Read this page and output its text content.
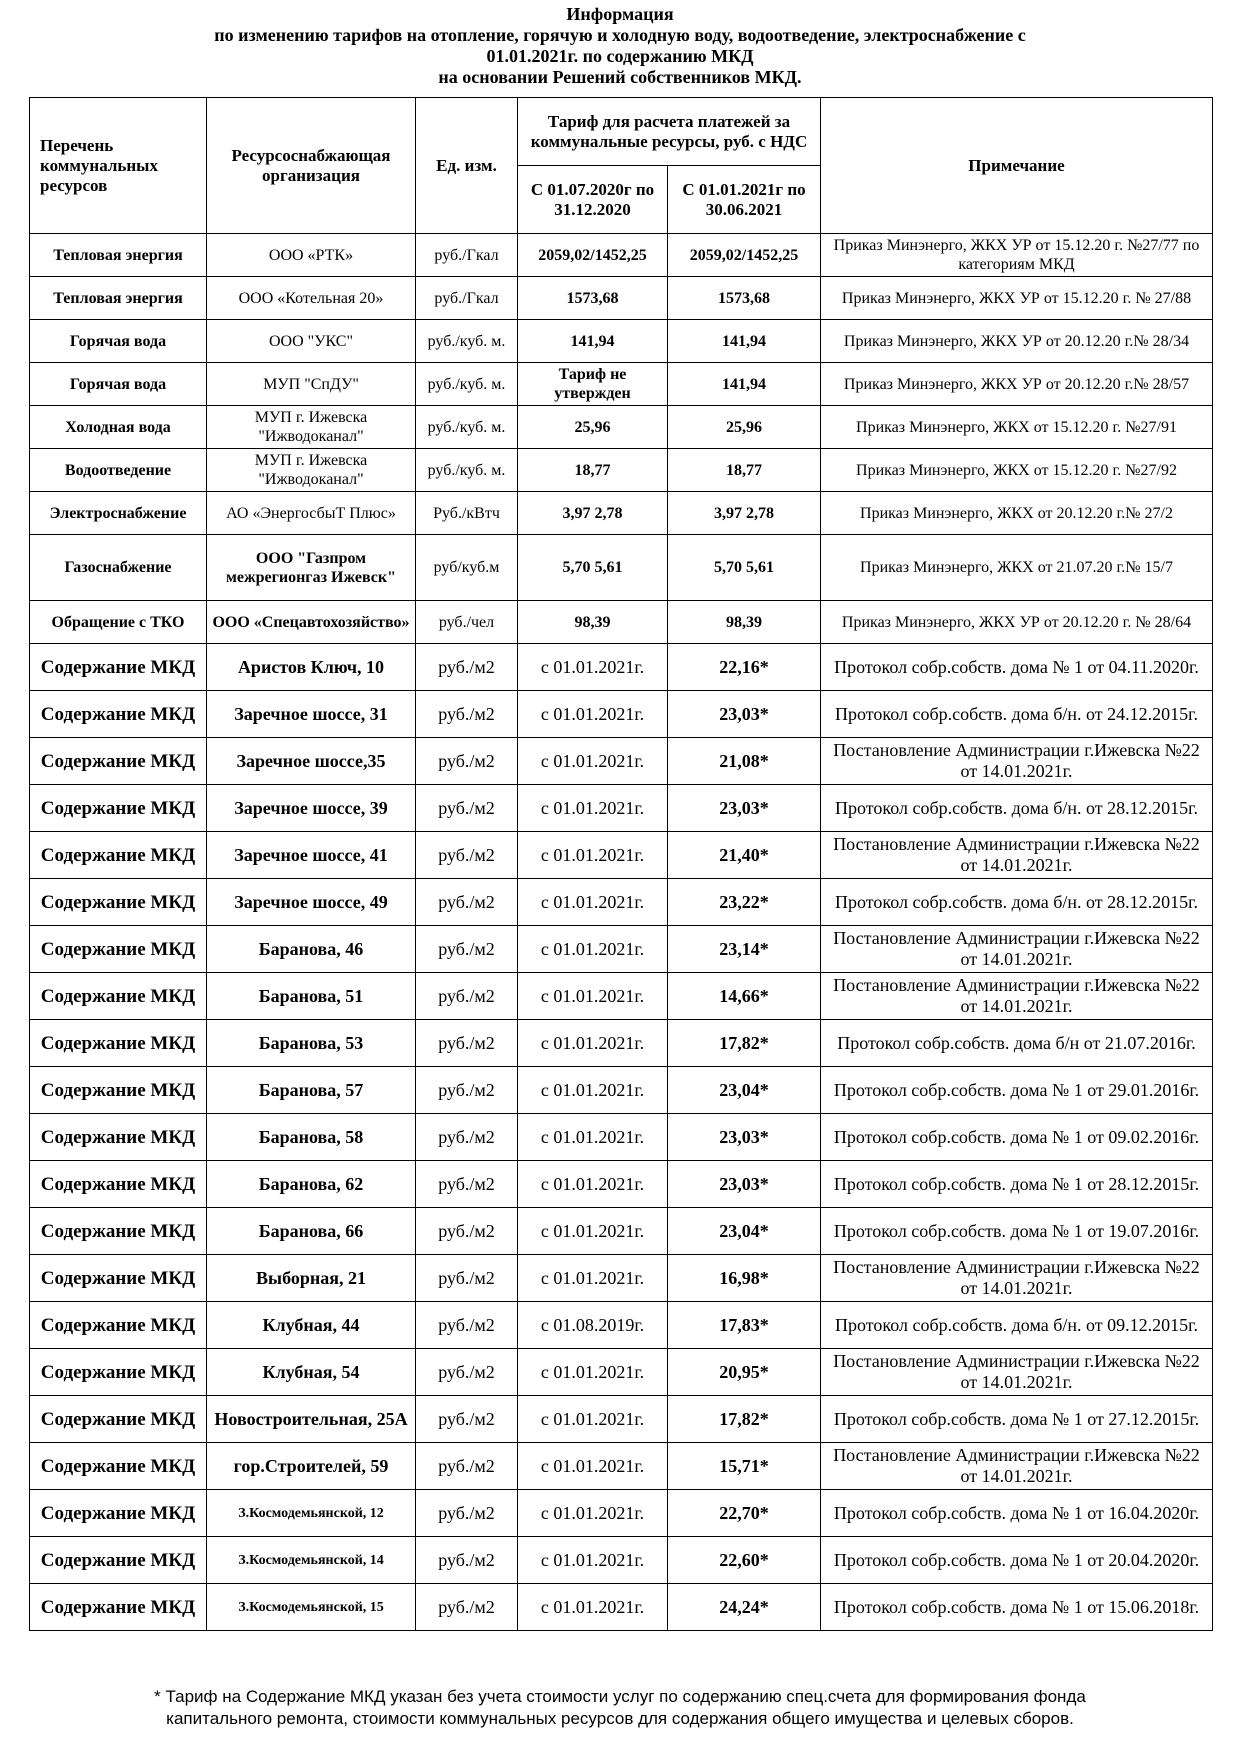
Информация
по изменению тарифов на отопление, горячую и холодную воду, водоотведение, электроснабжение с
01.01.2021г. по содержанию МКД
на основании Решений собственников МКД.
Перечень коммунальных ресурсов	Ресурсоснабжающая организация	Ед. изм.	Тариф для расчета платежей за коммунальные ресурсы, руб. с НДС		Примечание
			С 01.07.2020г по 31.12.2020	С 01.01.2021г по 30.06.2021	
Тепловая энергия	ООО «РТК»	руб./Гкал	2059,02/1452,25	2059,02/1452,25	Приказ Минэнерго, ЖКХ УР от 15.12.20 г. №27/77 по категориям МКД
Тепловая энергия	ООО «Котельная 20»	руб./Гкал	1573,68	1573,68	Приказ Минэнерго, ЖКХ УР от 15.12.20 г. № 27/88
Горячая вода	ООО "УКС"	руб./куб. м.	141,94	141,94	Приказ Минэнерго, ЖКХ УР от 20.12.20 г.№ 28/34
Горячая вода	МУП "СпДУ"	руб./куб. м.	Тариф не утвержден	141,94	Приказ Минэнерго, ЖКХ УР от 20.12.20 г.№ 28/57
Холодная вода	МУП г. Ижевска "Ижводоканал"	руб./куб. м.	25,96	25,96	Приказ Минэнерго, ЖКХ от 15.12.20 г. №27/91
Водоотведение	МУП г. Ижевска "Ижводоканал"	руб./куб. м.	18,77	18,77	Приказ Минэнерго, ЖКХ от 15.12.20 г. №27/92
Электроснабжение	АО «ЭнергосбыТ Плюс»	Руб./кВтч	3,97 2,78	3,97 2,78	Приказ Минэнерго, ЖКХ от 20.12.20 г.№ 27/2
Газоснабжение	ООО "Газпром межрегионгаз Ижевск"	руб/куб.м	5,70 5,61	5,70 5,61	Приказ Минэнерго, ЖКХ от 21.07.20 г.№ 15/7
Обращение с ТКО	ООО «Спецавтохозяйство»	руб./чел	98,39	98,39	Приказ Минэнерго, ЖКХ УР от 20.12.20 г. № 28/64
Содержание МКД	Аристов Ключ, 10	руб./м2	с 01.01.2021г.	22,16*	Протокол собр.собств. дома № 1 от 04.11.2020г.
Содержание МКД	Заречное шоссе, 31	руб./м2	с 01.01.2021г.	23,03*	Протокол собр.собств. дома б/н. от 24.12.2015г.
Содержание МКД	Заречное шоссе,35	руб./м2	с 01.01.2021г.	21,08*	Постановление Администрации г.Ижевска №22 от 14.01.2021г.
Содержание МКД	Заречное шоссе, 39	руб./м2	с 01.01.2021г.	23,03*	Протокол собр.собств. дома б/н. от 28.12.2015г.
Содержание МКД	Заречное шоссе, 41	руб./м2	с 01.01.2021г.	21,40*	Постановление Администрации г.Ижевска №22 от 14.01.2021г.
Содержание МКД	Заречное шоссе, 49	руб./м2	с 01.01.2021г.	23,22*	Протокол собр.собств. дома б/н. от 28.12.2015г.
Содержание МКД	Баранова, 46	руб./м2	с 01.01.2021г.	23,14*	Постановление Администрации г.Ижевска №22 от 14.01.2021г.
Содержание МКД	Баранова, 51	руб./м2	с 01.01.2021г.	14,66*	Постановление Администрации г.Ижевска №22 от 14.01.2021г.
Содержание МКД	Баранова, 53	руб./м2	с 01.01.2021г.	17,82*	Протокол собр.собств. дома б/н от 21.07.2016г.
Содержание МКД	Баранова, 57	руб./м2	с 01.01.2021г.	23,04*	Протокол собр.собств. дома № 1 от 29.01.2016г.
Содержание МКД	Баранова, 58	руб./м2	с 01.01.2021г.	23,03*	Протокол собр.собств. дома № 1 от 09.02.2016г.
Содержание МКД	Баранова, 62	руб./м2	с 01.01.2021г.	23,03*	Протокол собр.собств. дома № 1 от 28.12.2015г.
Содержание МКД	Баранова, 66	руб./м2	с 01.01.2021г.	23,04*	Протокол собр.собств. дома № 1 от 19.07.2016г.
Содержание МКД	Выборная, 21	руб./м2	с 01.01.2021г.	16,98*	Постановление Администрации г.Ижевска №22 от 14.01.2021г.
Содержание МКД	Клубная, 44	руб./м2	с 01.08.2019г.	17,83*	Протокол собр.собств. дома б/н. от 09.12.2015г.
Содержание МКД	Клубная, 54	руб./м2	с 01.01.2021г.	20,95*	Постановление Администрации г.Ижевска №22 от 14.01.2021г.
Содержание МКД	Новостроительная, 25А	руб./м2	с 01.01.2021г.	17,82*	Протокол собр.собств. дома № 1 от 27.12.2015г.
Содержание МКД	гор.Строителей, 59	руб./м2	с 01.01.2021г.	15,71*	Постановление Администрации г.Ижевска №22 от 14.01.2021г.
Содержание МКД	З.Космодемьянской, 12	руб./м2	с 01.01.2021г.	22,70*	Протокол собр.собств. дома № 1 от 16.04.2020г.
Содержание МКД	З.Космодемьянской, 14	руб./м2	с 01.01.2021г.	22,60*	Протокол собр.собств. дома № 1 от 20.04.2020г.
Содержание МКД	З.Космодемьянской, 15	руб./м2	с 01.01.2021г.	24,24*	Протокол собр.собств. дома № 1 от 15.06.2018г.
* Тариф на Содержание МКД указан без учета стоимости услуг по содержанию спец.счета для формирования фонда
капитального ремонта, стоимости коммунальных ресурсов для содержания общего имущества и целевых сборов.
